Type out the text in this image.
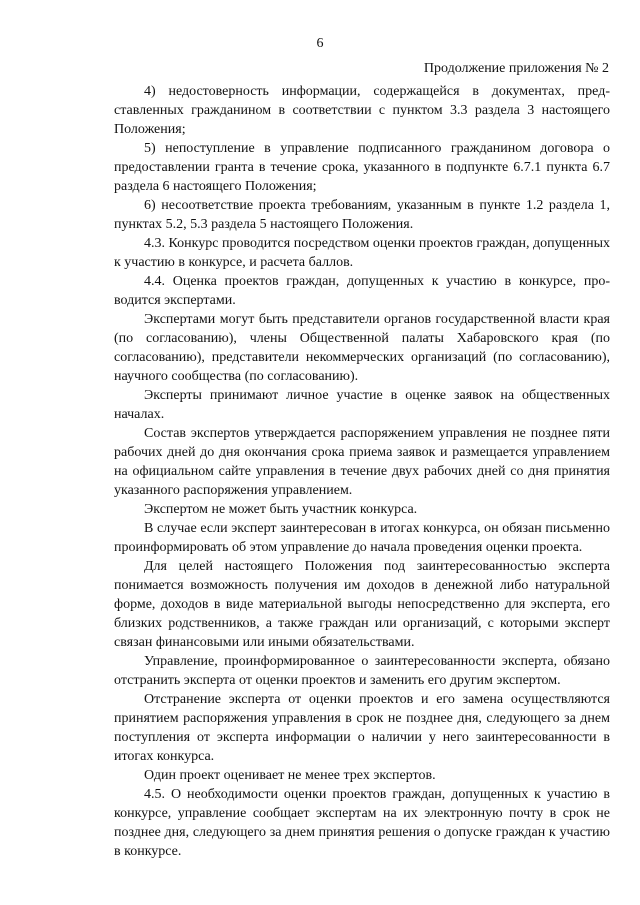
6
Продолжение приложения № 2

4) недостоверность информации, содержащейся в документах, представленных гражданином в соответствии с пунктом 3.3 раздела 3 настоящего Положения;

5) непоступление в управление подписанного гражданином договора о предоставлении гранта в течение срока, указанного в подпункте 6.7.1 пункта 6.7 раздела 6 настоящего Положения;

6) несоответствие проекта требованиям, указанным в пункте 1.2 раздела 1, пунктах 5.2, 5.3 раздела 5 настоящего Положения.

4.3. Конкурс проводится посредством оценки проектов граждан, допущенных к участию в конкурсе, и расчета баллов.

4.4. Оценка проектов граждан, допущенных к участию в конкурсе, проводится экспертами.

Экспертами могут быть представители органов государственной власти края (по согласованию), члены Общественной палаты Хабаровского края (по согласованию), представители некоммерческих организаций (по согласованию), научного сообщества (по согласованию).

Эксперты принимают личное участие в оценке заявок на общественных началах.

Состав экспертов утверждается распоряжением управления не позднее пяти рабочих дней до дня окончания срока приема заявок и размещается управлением на официальном сайте управления в течение двух рабочих дней со дня принятия указанного распоряжения управлением.

Экспертом не может быть участник конкурса.

В случае если эксперт заинтересован в итогах конкурса, он обязан письменно проинформировать об этом управление до начала проведения оценки проекта.

Для целей настоящего Положения под заинтересованностью эксперта понимается возможность получения им доходов в денежной либо натуральной форме, доходов в виде материальной выгоды непосредственно для эксперта, его близких родственников, а также граждан или организаций, с которыми эксперт связан финансовыми или иными обязательствами.

Управление, проинформированное о заинтересованности эксперта, обязано отстранить эксперта от оценки проектов и заменить его другим экспертом.

Отстранение эксперта от оценки проектов и его замена осуществляются принятием распоряжения управления в срок не позднее дня, следующего за днем поступления от эксперта информации о наличии у него заинтересованности в итогах конкурса.

Один проект оценивает не менее трех экспертов.

4.5. О необходимости оценки проектов граждан, допущенных к участию в конкурсе, управление сообщает экспертам на их электронную почту в срок не позднее дня, следующего за днем принятия решения о допуске граждан к участию в конкурсе.
